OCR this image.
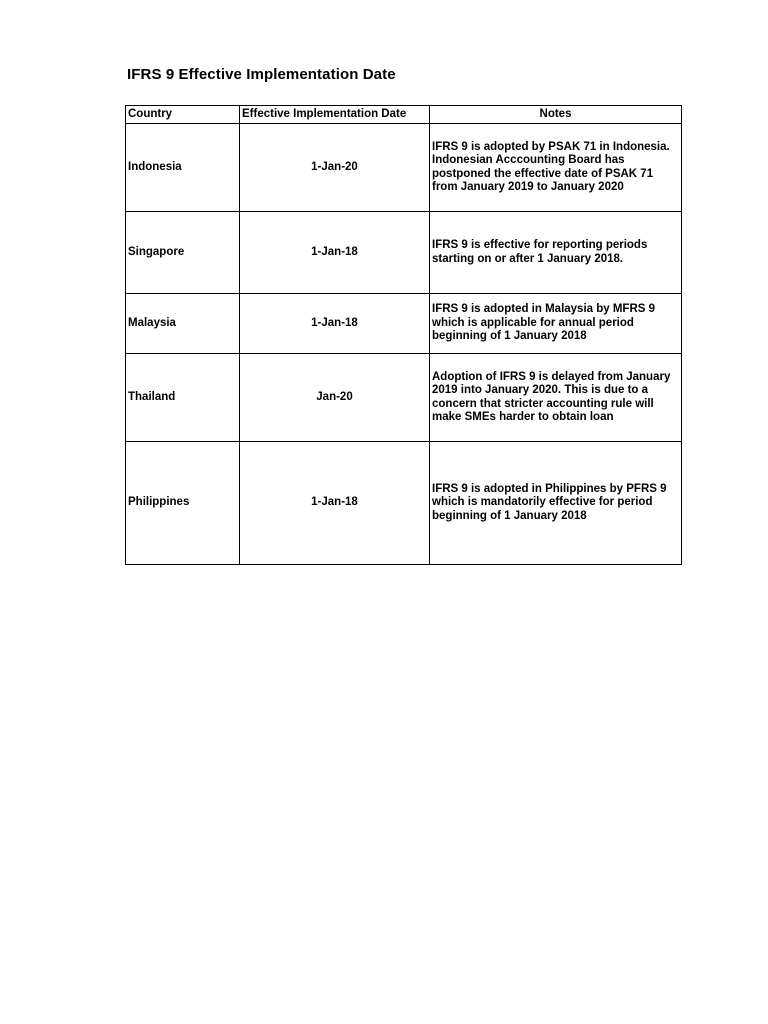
IFRS 9 Effective Implementation Date
Country	Effective Implementation Date	Notes
Indonesia	1-Jan-20	IFRS 9 is adopted by PSAK 71 in Indonesia. Indonesian Acccounting Board has postponed the effective date of PSAK 71 from January 2019 to January 2020
Singapore	1-Jan-18	IFRS 9 is effective for reporting periods starting on or after 1 January 2018.
Malaysia	1-Jan-18	IFRS 9 is adopted in Malaysia by MFRS 9 which is applicable for annual period beginning of 1 January 2018
Thailand	Jan-20	Adoption of IFRS 9 is delayed from January 2019 into January 2020. This is due to a concern that stricter accounting rule will make SMEs harder to obtain loan
Philippines	1-Jan-18	IFRS 9 is adopted in Philippines by PFRS 9 which is mandatorily effective for period beginning of 1 January 2018
